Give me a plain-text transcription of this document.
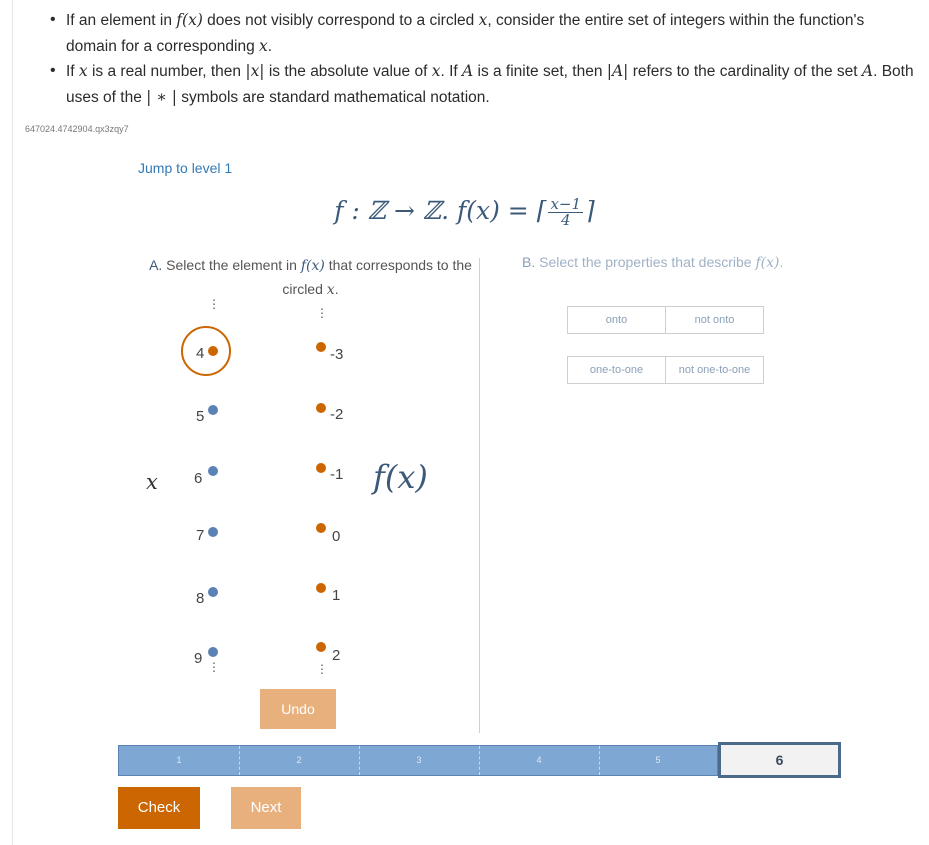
• If an element in f(x) does not visibly correspond to a circled x, consider the entire set of integers within the function's domain for a corresponding x.
• If x is a real number, then |x| is the absolute value of x. If A is a finite set, then |A| refers to the cardinality of the set A. Both uses of the | ∗ | symbols are standard mathematical notation.
647024.4742904.qx3zqy7
Jump to level 1
f : ℤ → ℤ. f(x) = ⌈ $\frac{x-1}{4}$ ⌉
A. Select the element in f(x) that corresponds to the circled x.
B. Select the properties that describe f(x).
onto	not onto
one-to-one	not one-to-one
⋮
4
5
x 6
7
8
9 ⋮
⋮
-3
-2
-1 f(x)
0
1
2
⋮
Undo
1	2	3	4	5	6
Check	Next
